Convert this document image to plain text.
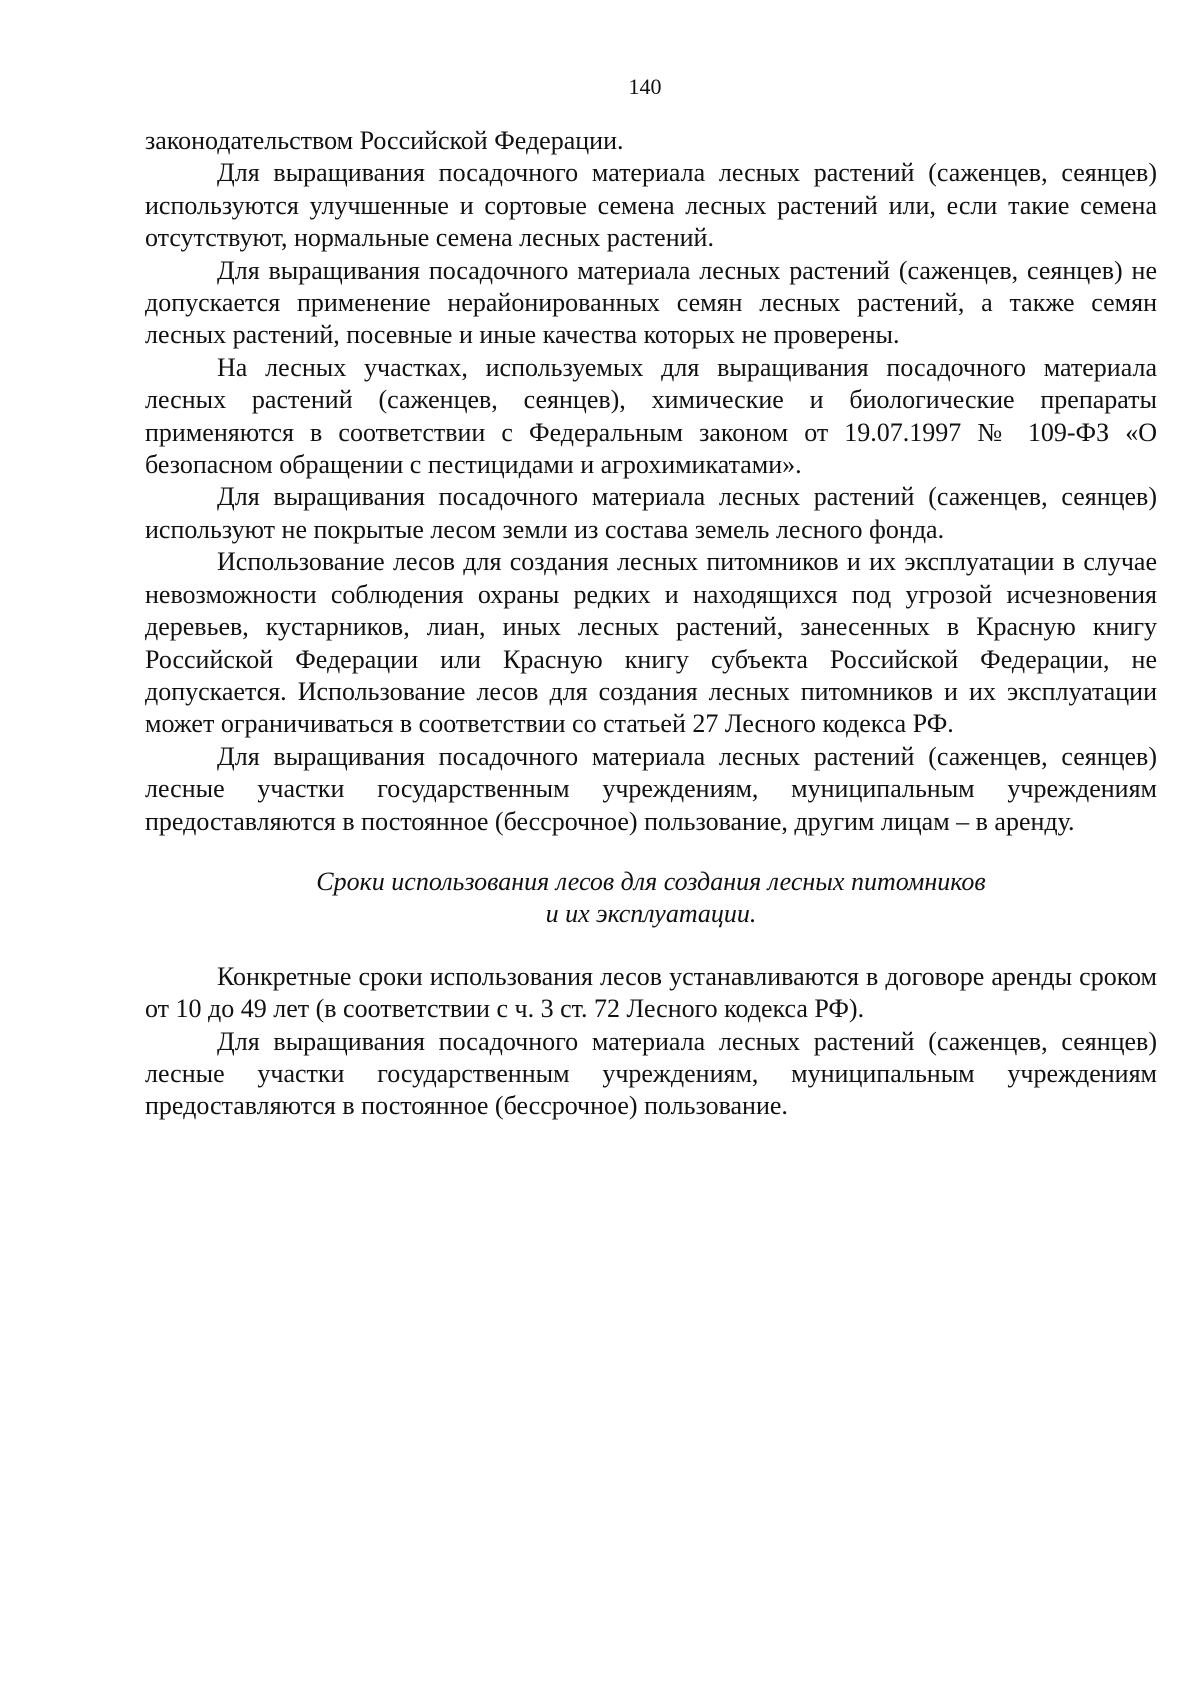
140

законодательством Российской Федерации.

Для выращивания посадочного материала лесных растений (саженцев, сеянцев) используются улучшенные и сортовые семена лесных растений или, если такие семена отсутствуют, нормальные семена лесных растений.

Для выращивания посадочного материала лесных растений (саженцев, сеянцев) не допускается применение нерайонированных семян лесных растений, а также семян лесных растений, посевные и иные качества которых не проверены.

На лесных участках, используемых для выращивания посадочного материала лесных растений (саженцев, сеянцев), химические и биологические препараты применяются в соответствии с Федеральным законом от 19.07.1997 № 109-ФЗ «О безопасном обращении с пестицидами и агрохимикатами».

Для выращивания посадочного материала лесных растений (саженцев, сеянцев) используют не покрытые лесом земли из состава земель лесного фонда.

Использование лесов для создания лесных питомников и их эксплуатации в случае невозможности соблюдения охраны редких и находящихся под угрозой исчезновения деревьев, кустарников, лиан, иных лесных растений, занесенных в Красную книгу Российской Федерации или Красную книгу субъекта Российской Федерации, не допускается. Использование лесов для создания лесных питомников и их эксплуатации может ограничиваться в соответствии со статьей 27 Лесного кодекса РФ.

Для выращивания посадочного материала лесных растений (саженцев, сеянцев) лесные участки государственным учреждениям, муниципальным учреждениям предоставляются в постоянное (бессрочное) пользование, другим лицам – в аренду.

Сроки использования лесов для создания лесных питомников
и их эксплуатации.

Конкретные сроки использования лесов устанавливаются в договоре аренды сроком от 10 до 49 лет (в соответствии с ч. 3 ст. 72 Лесного кодекса РФ).

Для выращивания посадочного материала лесных растений (саженцев, сеянцев) лесные участки государственным учреждениям, муниципальным учреждениям предоставляются в постоянное (бессрочное) пользование.
